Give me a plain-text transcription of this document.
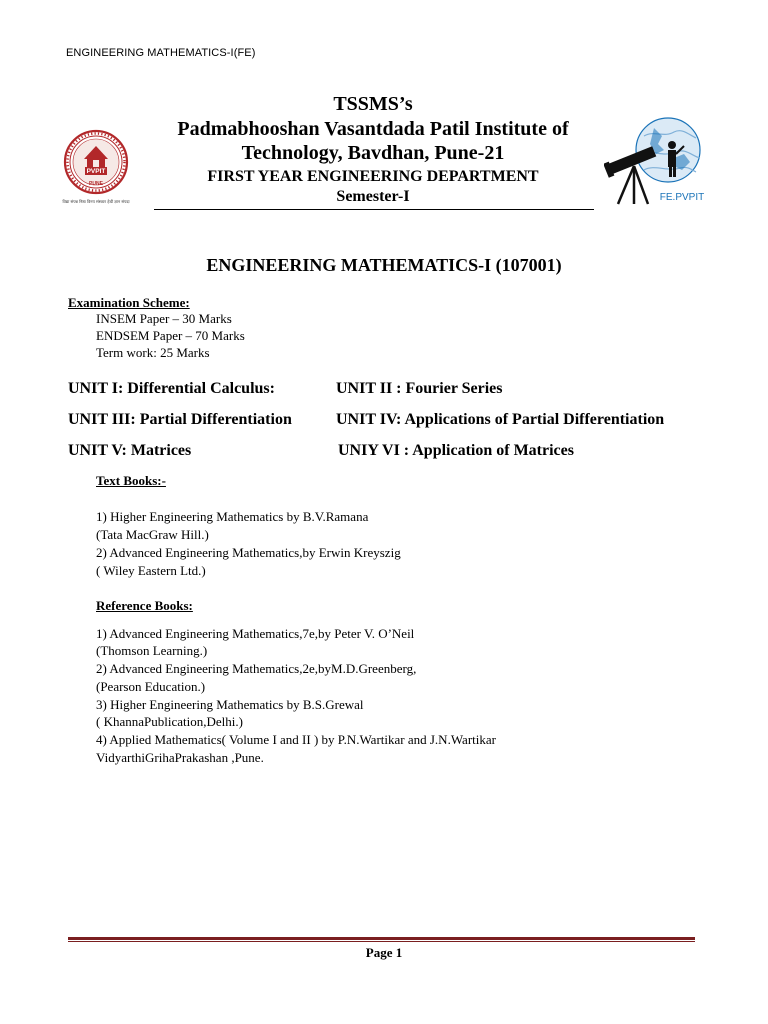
ENGINEERING MATHEMATICS-I(FE)
PVPIT
PUNE
विद्या संपन्न निष्ठा विनय संस्कार हेची ज्ञान संपदा
TSSMS’s
Padmabhooshan Vasantdada Patil Institute of
Technology, Bavdhan, Pune-21
FIRST YEAR ENGINEERING DEPARTMENT
Semester-I	FE.PVPIT
ENGINEERING MATHEMATICS-I (107001)
Examination Scheme:
INSEM Paper – 30 Marks
ENDSEM Paper – 70 Marks
Term work: 25 Marks
UNIT I: Differential Calculus:	UNIT II : Fourier Series
UNIT III: Partial Differentiation	UNIT IV: Applications of Partial Differentiation
UNIT V: Matrices	UNIY VI : Application of Matrices
Text Books:-
1) Higher Engineering Mathematics by B.V.Ramana
(Tata MacGraw Hill.)
2) Advanced Engineering Mathematics,by Erwin Kreyszig
( Wiley Eastern Ltd.)
Reference Books:
1) Advanced Engineering Mathematics,7e,by Peter V. O’Neil
(Thomson Learning.)
2) Advanced Engineering Mathematics,2e,byM.D.Greenberg,
(Pearson Education.)
3) Higher Engineering Mathematics by B.S.Grewal
( KhannaPublication,Delhi.)
4) Applied Mathematics( Volume I and II ) by P.N.Wartikar and J.N.Wartikar
VidyarthiGrihaPrakashan ,Pune.
Page 1
